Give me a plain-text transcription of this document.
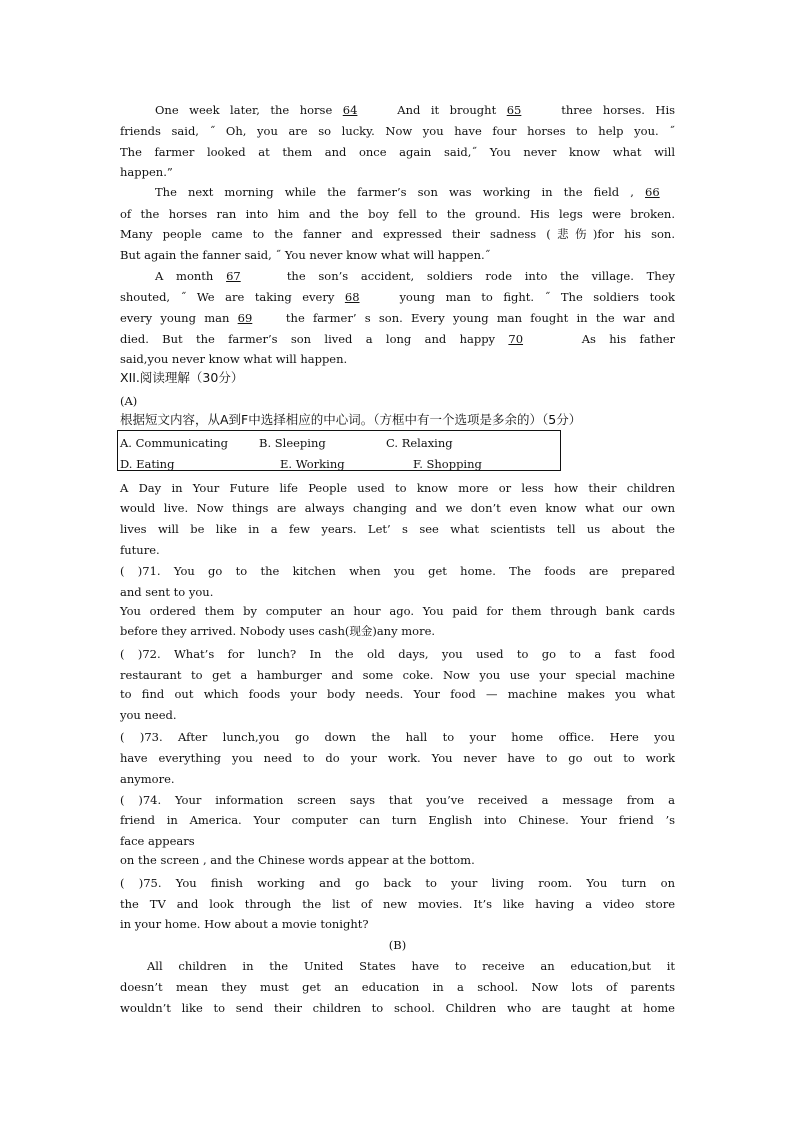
One week later, the horse 64	And it brought 65	three horses. His
friends said, ˝ Oh, you are so lucky. Now you have four horses to help you. ˝
The farmer looked at them and once again said,˝ You never know what will
happen.”
The next morning while the farmer’s son was working in the field , 66
of the horses ran into him and the boy fell to the ground. His legs were broken.
Many people came to the fanner and expressed their sadness (悲伤)for his son.
But again the fanner said, ˝ You never know what will happen.˝
A month 67	the son’s accident, soldiers rode into the village. They
shouted, ˝ We are taking every 68	young man to fight. ˝ The soldiers took
every young man 69	the farmer’ s son. Every young man fought in the war and
died. But the farmer’s son lived a long and happy 70	As his father
said,you never know what will happen.
XII.阅读理解（30分）
(A)
根据短文内容，从A到F中选择相应的中心词。（方框中有一个选项是多余的）（5分）
A. Communicating	B. Sleeping	C. Relaxing
D. Eating	E. Working	F. Shopping
A Day in Your Future life People used to know more or less how their children
would live. Now things are always changing and we don’t even know what our own
lives will be like in a few years. Let’ s see what scientists tell us about the
future.
( )71. You go to the kitchen when you get home. The foods are prepared
and sent to you.
You ordered them by computer an hour ago. You paid for them through bank cards
before they arrived. Nobody uses cash(现金)any more.
( )72. What’s for lunch? In the old days, you used to go to a fast food
restaurant to get a hamburger and some coke. Now you use your special machine
to find out which foods your body needs. Your food — machine makes you what
you need.
( )73. After lunch,you go down the hall to your home office. Here you
have everything you need to do your work. You never have to go out to work
anymore.
( )74. Your information screen says that you’ve received a message from a
friend in America. Your computer can turn English into Chinese. Your friend ’s
face appears
on the screen , and the Chinese words appear at the bottom.
( )75. You finish working and go back to your living room. You turn on
the TV and look through the list of new movies. It’s like having a video store
in your home. How about a movie tonight?
(B)
All children in the United States have to receive an education,but it
doesn’t mean they must get an education in a school. Now lots of parents
wouldn’t like to send their children to school. Children who are taught at home
